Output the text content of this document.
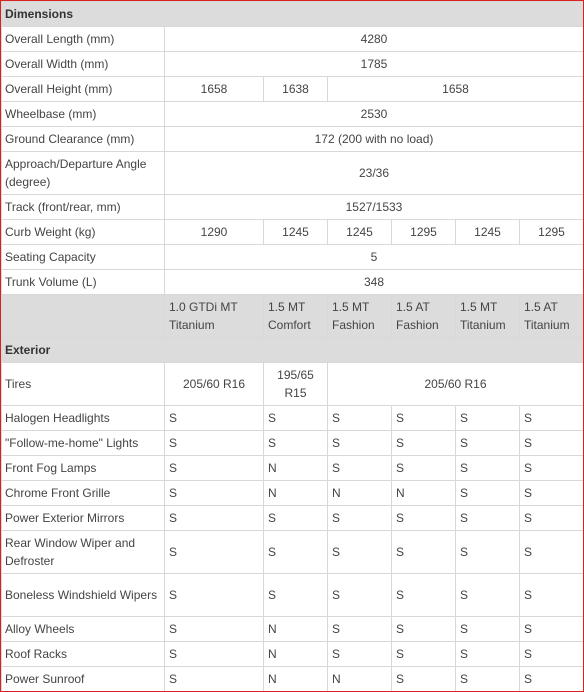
Dimensions						
Overall Length (mm)	4280					
Overall Width (mm)	1785					
Overall Height (mm)	1658	1638	1658			
Wheelbase (mm)	2530					
Ground Clearance (mm)	172 (200 with no load)					
Approach/Departure Angle (degree)	23/36					
Track (front/rear, mm)	1527/1533					
Curb Weight (kg)	1290	1245	1245	1295	1245	1295
Seating Capacity	5					
Trunk Volume (L)	348					
	1.0 GTDi MT Titanium	1.5 MT Comfort	1.5 MT Fashion	1.5 AT Fashion	1.5 MT Titanium	1.5 AT Titanium
Exterior						
Tires	205/60 R16	195/65 R15	205/60 R16			
Halogen Headlights	S	S	S	S	S	S
"Follow-me-home" Lights	S	S	S	S	S	S
Front Fog Lamps	S	N	S	S	S	S
Chrome Front Grille	S	N	N	N	S	S
Power Exterior Mirrors	S	S	S	S	S	S
Rear Window Wiper and Defroster	S	S	S	S	S	S
Boneless Windshield Wipers	S	S	S	S	S	S
Alloy Wheels	S	N	S	S	S	S
Roof Racks	S	N	S	S	S	S
Power Sunroof	S	N	N	S	S	S
